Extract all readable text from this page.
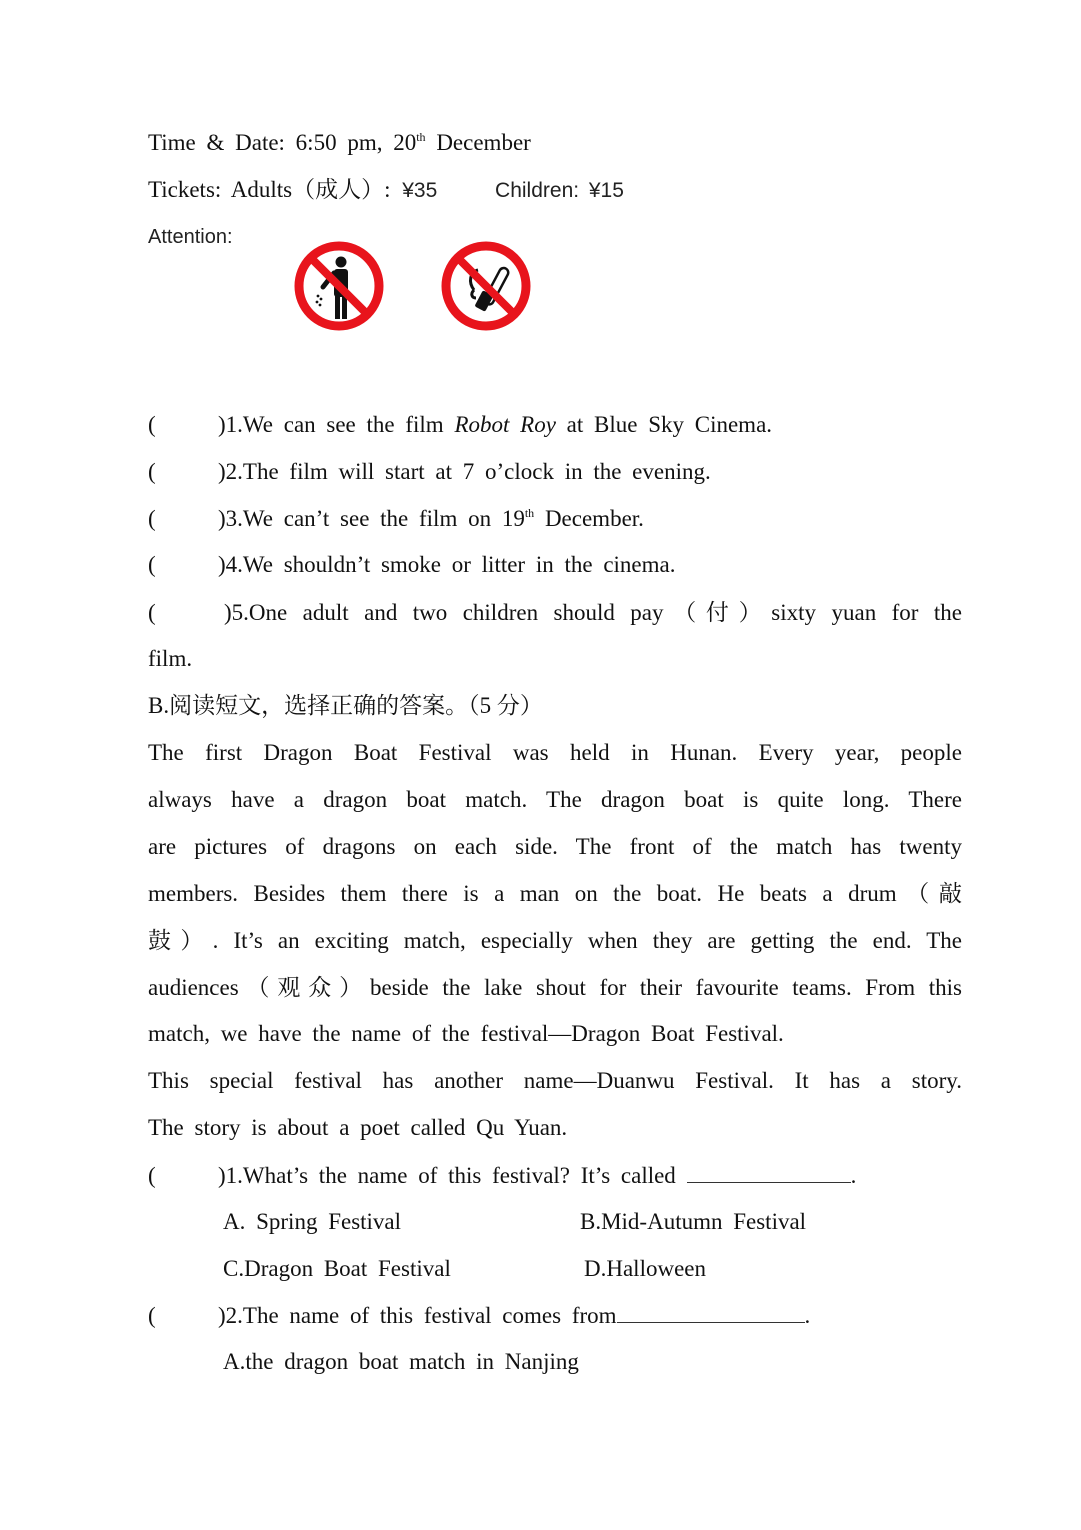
Time & Date: 6:50 pm, 20th December
Tickets: Adults（成人）: ¥35	Children: ¥15
Attention:
(	)1.We can see the film Robot Roy at Blue Sky Cinema.
(	)2.The film will start at 7 o’clock in the evening.
(	)3.We can’t see the film on 19th December.
(	)4.We shouldn’t smoke or litter in the cinema.
(	)5.One adult and two children should pay（付）sixty yuan for the
film.
B.阅读短文，选择正确的答案。（5 分）
The first Dragon Boat Festival was held in Hunan. Every year, people
always have a dragon boat match. The dragon boat is quite long. There
are pictures of dragons on each side. The front of the match has twenty
members. Besides them there is a man on the boat. He beats a drum（敲
鼓）. It’s an exciting match, especially when they are getting the end. The
audiences（观众）beside the lake shout for their favourite teams. From this
match, we have the name of the festival—Dragon Boat Festival.
This special festival has another name—Duanwu Festival. It has a story.
The story is about a poet called Qu Yuan.
(	)1.What’s the name of this festival? It’s called	.
A. Spring Festival	B.Mid-Autumn Festival
C.Dragon Boat Festival	D.Halloween
(	)2.The name of this festival comes from	.
A.the dragon boat match in Nanjing
